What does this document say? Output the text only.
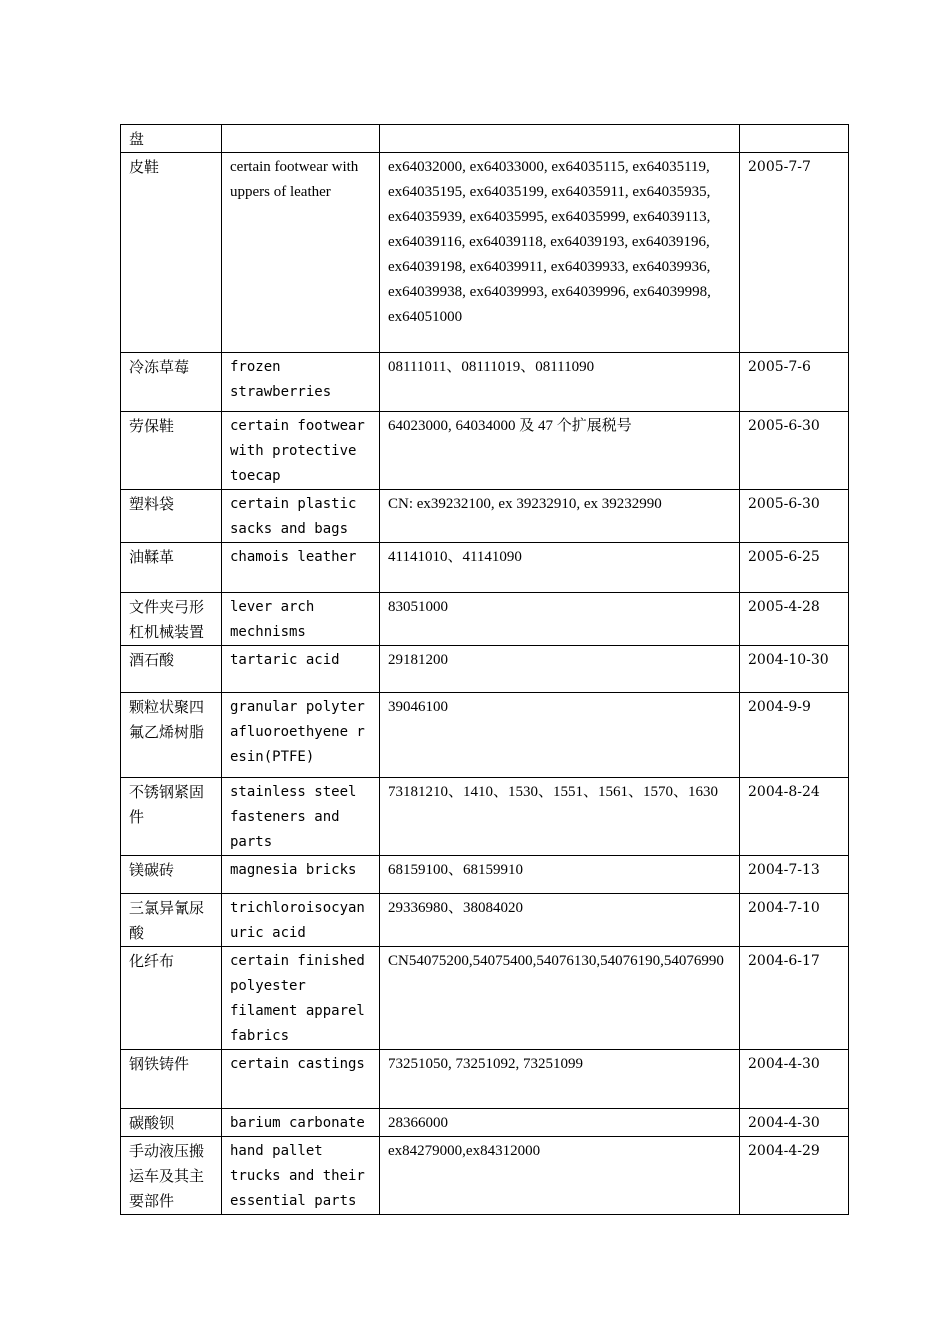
盘			
皮鞋	certain footwear with uppers of leather	ex64032000, ex64033000, ex64035115, ex64035119, ex64035195, ex64035199, ex64035911, ex64035935, ex64035939, ex64035995, ex64035999, ex64039113, ex64039116, ex64039118, ex64039193, ex64039196, ex64039198, ex64039911, ex64039933, ex64039936, ex64039938, ex64039993, ex64039996, ex64039998, ex64051000	2005-7-7
冷冻草莓	frozen strawberries	08111011、08111019、08111090	2005-7-6
劳保鞋	certain footwear with protective toecap	64023000, 64034000 及 47 个扩展税号	2005-6-30
塑料袋	certain plastic sacks and bags	CN: ex39232100, ex 39232910, ex 39232990	2005-6-30
油鞣革	chamois leather	41141010、41141090	2005-6-25
文件夹弓形杠机械装置	lever arch mechnisms	83051000	2005-4-28
酒石酸	tartaric acid	29181200	2004-10-30
颗粒状聚四氟乙烯树脂	granular polyterafluoroethyene resin(PTFE)	39046100	2004-9-9
不锈钢紧固件	stainless steel fasteners and parts	73181210、1410、1530、1551、1561、1570、1630	2004-8-24
镁碳砖	magnesia bricks	68159100、68159910	2004-7-13
三氯异氰尿酸	trichloroisocyanuric acid	29336980、38084020	2004-7-10
化纤布	certain finished polyester filament apparel fabrics	CN54075200,54075400,54076130,54076190,54076990	2004-6-17
钢铁铸件	certain castings	73251050, 73251092, 73251099	2004-4-30
碳酸钡	barium carbonate	28366000	2004-4-30
手动液压搬运车及其主要部件	hand pallet trucks and their essential parts	ex84279000,ex84312000	2004-4-29
